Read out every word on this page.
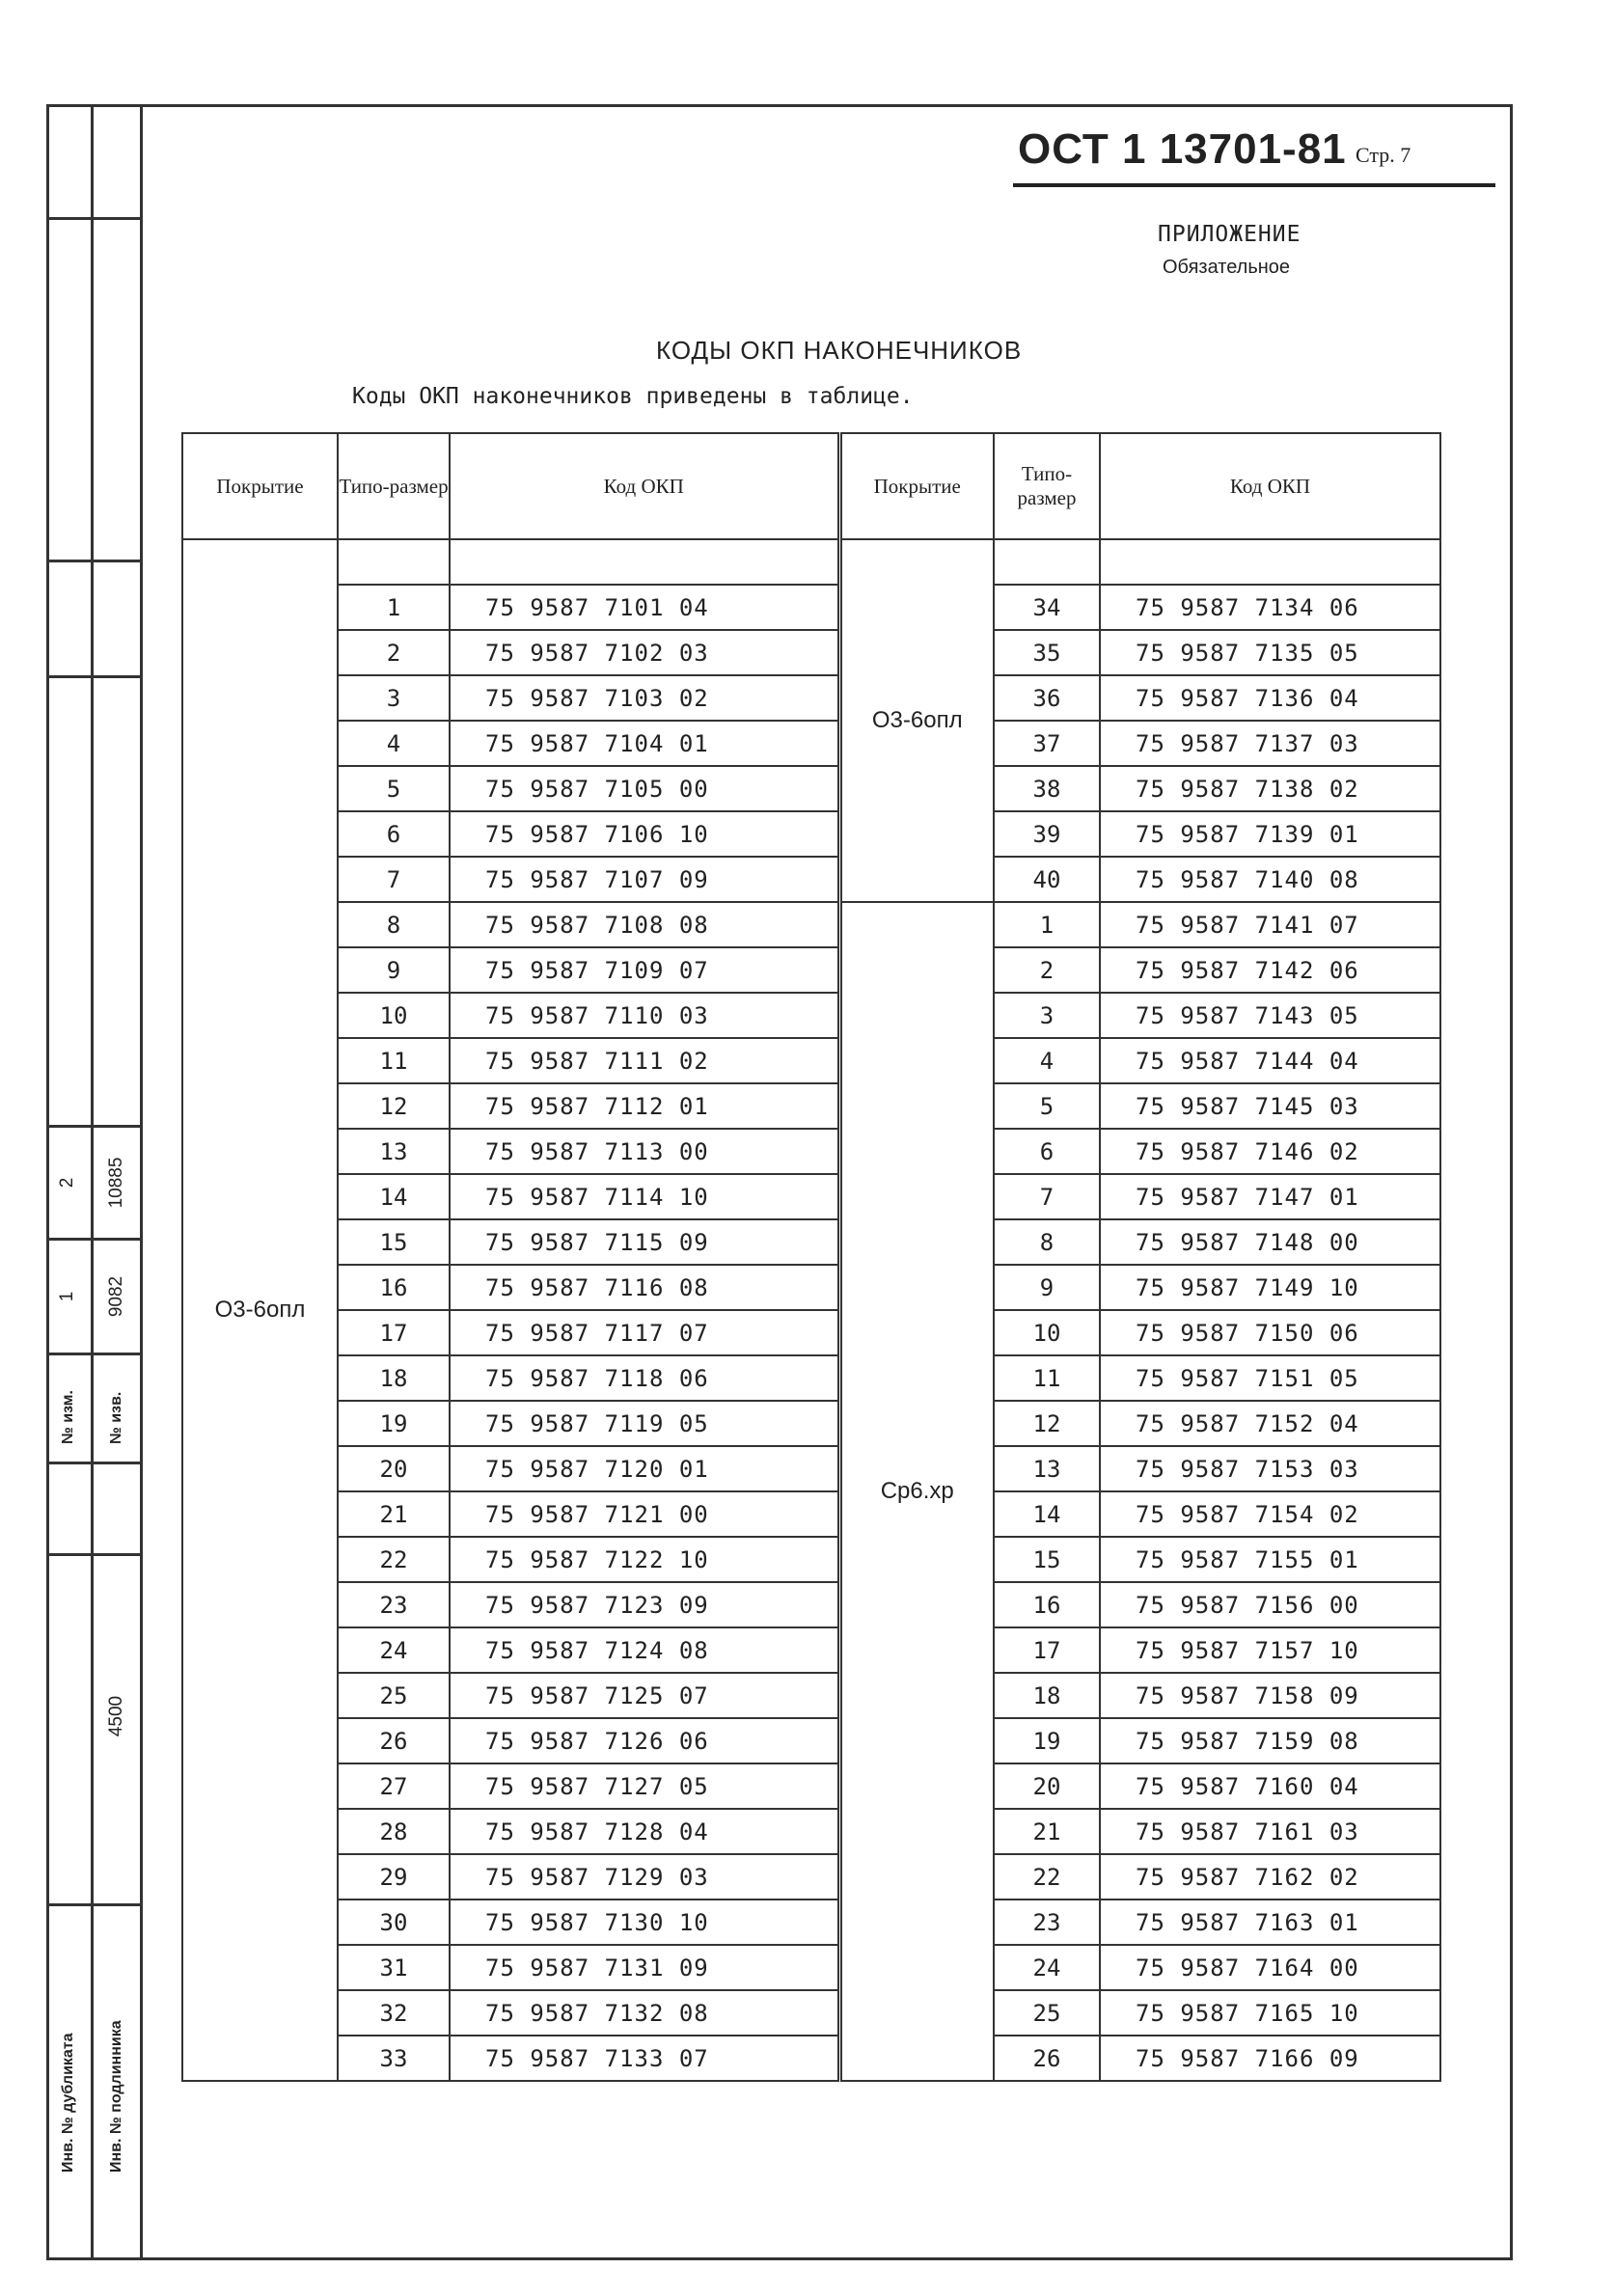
2 10885
1 9082
№ изм. № изв.
4500
Инв. № дубликата Инв. № подлинника
ОСТ 1 13701-81 Стр. 7
ПРИЛОЖЕНИЕ
Обязательное
КОДЫ ОКП НАКОНЕЧНИКОВ
Коды ОКП наконечников приведены в таблице.
Покрытие	Типо-размер	Код ОКП	Покрытие	Типо-размер	Код ОКП
О3-6опл			О3-6опл		
	1	75 9587 7101 04		34	75 9587 7134 06
	2	75 9587 7102 03		35	75 9587 7135 05
	3	75 9587 7103 02		36	75 9587 7136 04
	4	75 9587 7104 01		37	75 9587 7137 03
	5	75 9587 7105 00		38	75 9587 7138 02
	6	75 9587 7106 10		39	75 9587 7139 01
	7	75 9587 7107 09		40	75 9587 7140 08
	8	75 9587 7108 08	Ср6.хр	1	75 9587 7141 07
	9	75 9587 7109 07		2	75 9587 7142 06
	10	75 9587 7110 03		3	75 9587 7143 05
	11	75 9587 7111 02		4	75 9587 7144 04
	12	75 9587 7112 01		5	75 9587 7145 03
	13	75 9587 7113 00		6	75 9587 7146 02
	14	75 9587 7114 10		7	75 9587 7147 01
	15	75 9587 7115 09		8	75 9587 7148 00
	16	75 9587 7116 08		9	75 9587 7149 10
	17	75 9587 7117 07		10	75 9587 7150 06
	18	75 9587 7118 06		11	75 9587 7151 05
	19	75 9587 7119 05		12	75 9587 7152 04
	20	75 9587 7120 01		13	75 9587 7153 03
	21	75 9587 7121 00		14	75 9587 7154 02
	22	75 9587 7122 10		15	75 9587 7155 01
	23	75 9587 7123 09		16	75 9587 7156 00
	24	75 9587 7124 08		17	75 9587 7157 10
	25	75 9587 7125 07		18	75 9587 7158 09
	26	75 9587 7126 06		19	75 9587 7159 08
	27	75 9587 7127 05		20	75 9587 7160 04
	28	75 9587 7128 04		21	75 9587 7161 03
	29	75 9587 7129 03		22	75 9587 7162 02
	30	75 9587 7130 10		23	75 9587 7163 01
	31	75 9587 7131 09		24	75 9587 7164 00
	32	75 9587 7132 08		25	75 9587 7165 10
	33	75 9587 7133 07		26	75 9587 7166 09
